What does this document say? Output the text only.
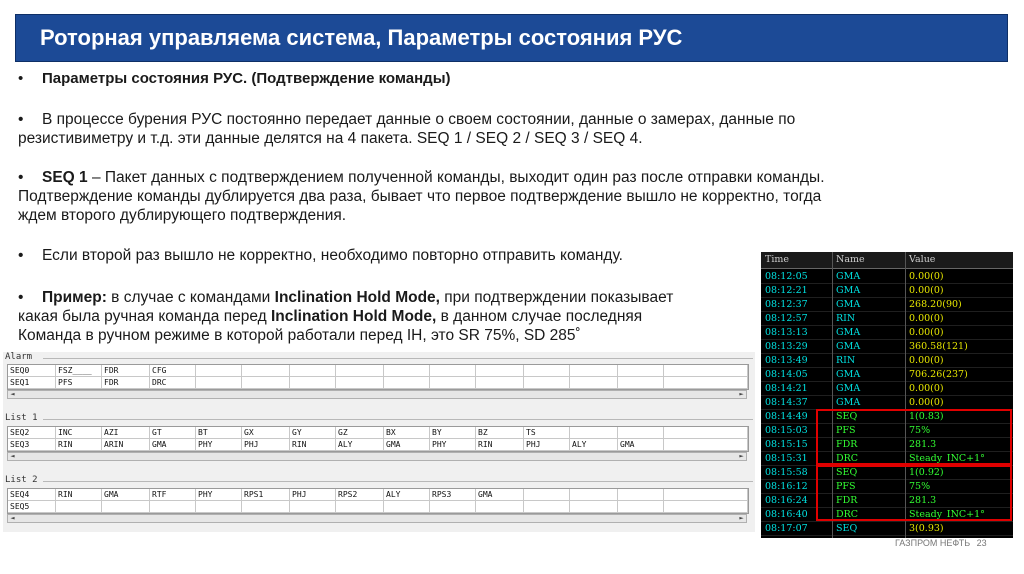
Роторная управляема система, Параметры состояния РУС
• Параметры состояния РУС. (Подтверждение команды)
• В процессе бурения РУС постоянно передает данные о своем состоянии, данные о замерах, данные по
резистивиметру и т.д. эти данные делятся на 4 пакета. SEQ 1 / SEQ 2 / SEQ 3 / SEQ 4.
• SEQ 1 – Пакет данных с подтверждением полученной команды, выходит один раз после отправки команды.
Подтверждение команды дублируется два раза, бывает что первое подтверждение вышло не корректно, тогда
ждем второго дублирующего подтверждения.
• Если второй раз вышло не корректно, необходимо повторно отправить команду.
• Пример: в случае с командами Inclination Hold Mode, при подтверждении показывает
какая была ручная команда перед Inclination Hold Mode, в данном случае последняя
Команда в ручном режиме в которой работали перед IH, это SR 75%, SD 285˚
Alarm
SEQ0	FSZ____	FDR	CFG
SEQ1	PFS	FDR	DRC
◄	►
List 1
SEQ2	INC	AZI	GT	BT	GX	GY	GZ	BX	BY	BZ	TS
SEQ3	RIN	ARIN	GMA	PHY	PHJ	RIN	ALY	GMA	PHY	RIN	PHJ	ALY	GMA
◄	►
List 2
SEQ4	RIN	GMA	RTF	PHY	RPS1	PHJ	RPS2	ALY	RPS3	GMA
SEQ5
◄	►
Time	Name	Value
08:12:05	GMA	0.00(0)
08:12:21	GMA	0.00(0)
08:12:37	GMA	268.20(90)
08:12:57	RIN	0.00(0)
08:13:13	GMA	0.00(0)
08:13:29	GMA	360.58(121)
08:13:49	RIN	0.00(0)
08:14:05	GMA	706.26(237)
08:14:21	GMA	0.00(0)
08:14:37	GMA	0.00(0)
08:14:49	SEQ	1(0.83)
08:15:03	PFS	75%
08:15:15	FDR	281.3
08:15:31	DRC	Steady_INC+1°
08:15:58	SEQ	1(0.92)
08:16:12	PFS	75%
08:16:24	FDR	281.3
08:16:40	DRC	Steady_INC+1°
08:17:07	SEQ	3(0.93)
ГАЗПРОМ НЕФТЬ 23
